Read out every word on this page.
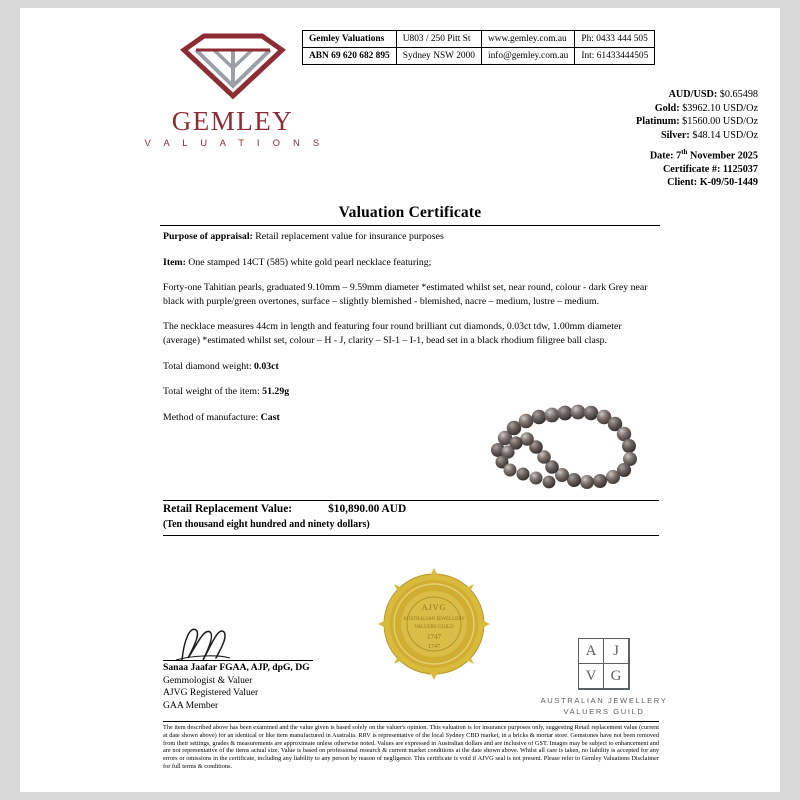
GEMLEY
V A L U A T I O N S
Gemley Valuations	U803 / 250 Pitt St	www.gemley.com.au	Ph: 0433 444 505
ABN 69 620 682 895	Sydney NSW 2000	info@gemley.com.au	Int: 61433444505
AUD/USD: $0.65498
Gold: $3962.10 USD/Oz
Platinum: $1560.00 USD/Oz
Silver: $48.14 USD/Oz
Date: 7th November 2025
Certificate #: 1125037
Client: K-09/50-1449
Valuation Certificate

Purpose of appraisal: Retail replacement value for insurance purposes

Item: One stamped 14CT (585) white gold pearl necklace featuring;

Forty-one Tahitian pearls, graduated 9.10mm – 9.59mm diameter *estimated whilst set, near round, colour - dark Grey near black with purple/green overtones, surface – slightly blemished - blemished, nacre – medium, lustre – medium.

The necklace measures 44cm in length and featuring four round brilliant cut diamonds, 0.03ct tdw, 1.00mm diameter (average) *estimated whilst set, colour – H - J, clarity – SI-1 – I-1, bead set in a black rhodium filigree ball clasp.

Total diamond weight: 0.03ct

Total weight of the item: 51.29g

Method of manufacture: Cast

Retail Replacement Value:	$10,890.00 AUD
(Ten thousand eight hundred and ninety dollars)
AJVG
AUSTRALIAN JEWELLERY
VALUERS GUILD
1747
1747
Sanaa Jaafar FGAA, AJP, dpG, DG
Gemmologist & Valuer
AJVG Registered Valuer
GAA Member
A	J
V G
AUSTRALIAN JEWELLERY
VALUERS GUILD
The item described above has been examined and the value given is based solely on the valuer's opinion. This valuation is for insurance purposes only, suggesting Retail replacement value (current at date shown above) for an identical or like item manufactured in Australia. RRV is representative of the local Sydney CBD market, in a bricks & mortar store. Gemstones have not been removed from their settings, grades & measurements are approximate unless otherwise noted. Values are expressed in Australian dollars and are inclusive of GST. Images may be subject to enhancement and are not representative of the items actual size. Value is based on professional research & current market conditions at the date shown above. Whilst all care is taken, no liability is accepted for any errors or omissions in the certificate, including any liability to any person by reason of negligence. This certificate is void if AJVG seal is not present. Please refer to Gemley Valuations Disclaimer for full terms & conditions.
